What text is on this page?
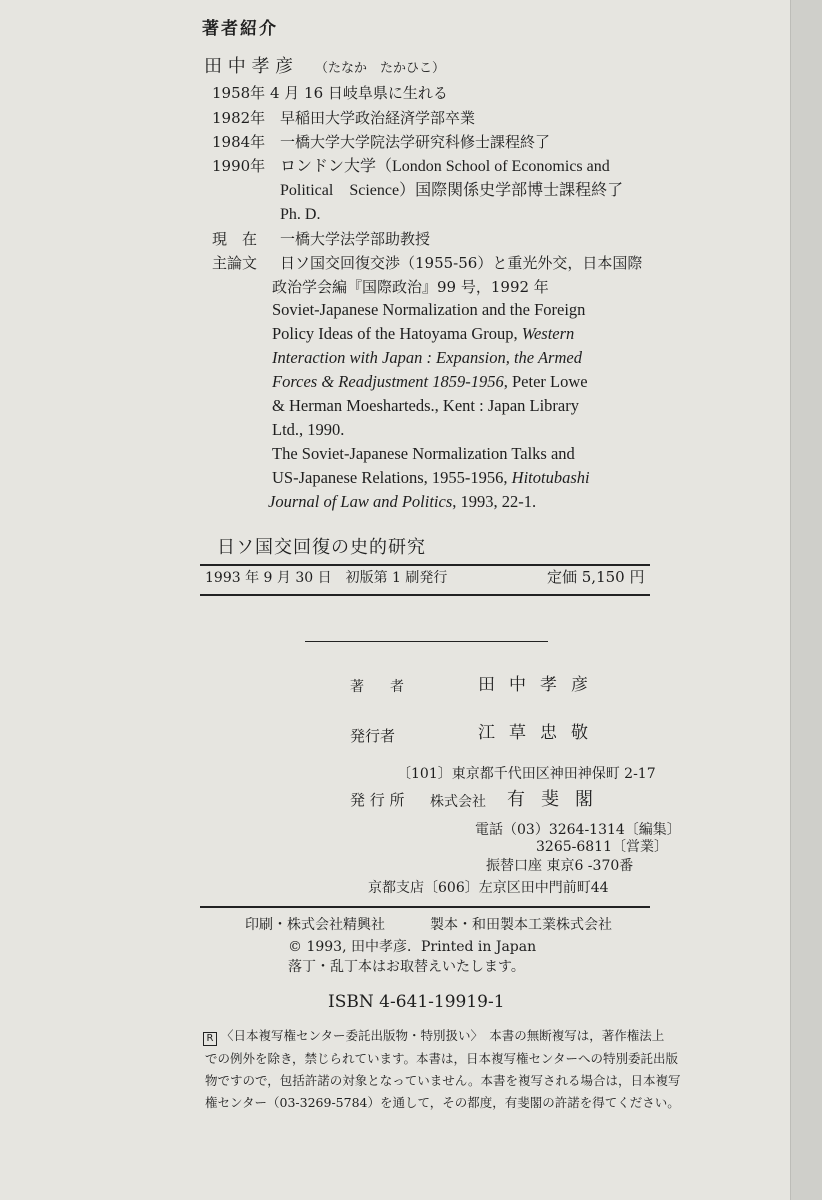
著者紹介
田 中 孝 彦 （たなか　たかひこ）
1958年 4 月 16 日岐阜県に生れる
1982年 早稲田大学政治経済学部卒業
1984年 一橋大学大学院法学研究科修士課程終了
1990年 ロンドン大学（London School of Economics and
Political　Science）国際関係史学部博士課程終了
Ph. D.
現　在 一橋大学法学部助教授
主論文 日ソ国交回復交渉（1955-56）と重光外交，日本国際
政治学会編『国際政治』99 号，1992 年
Soviet-Japanese Normalization and the Foreign
Policy Ideas of the Hatoyama Group, Western
Interaction with Japan : Expansion, the Armed
Forces & Readjustment 1859-1956, Peter Lowe
& Herman Moesharteds., Kent : Japan Library
Ltd., 1990.
The Soviet-Japanese Normalization Talks and
US-Japanese Relations, 1955-1956, Hitotubashi
Journal of Law and Politics, 1993, 22-1.
日ソ国交回復の史的研究
1993 年 9 月 30 日　初版第 1 刷発行	定価 5,150 円
著　者	田中孝彦
発行者	江草忠敬
〔101〕東京都千代田区神田神保町 2-17
発 行 所 株式会社 有斐閣
電話（03）3264-1314〔編集〕
3265-6811〔営業〕
振替口座 東京6 -370番
京都支店〔606〕左京区田中門前町44
印刷・株式会社精興社	製本・和田製本工業株式会社
© 1993, 田中孝彦．Printed in Japan
落丁・乱丁本はお取替えいたします。
ISBN 4-641-19919-1
R 〈日本複写権センター委託出版物・特別扱い〉　本書の無断複写は，著作権法上
での例外を除き，禁じられています。本書は，日本複写権センターへの特別委託出版
物ですので，包括許諾の対象となっていません。本書を複写される場合は，日本複写
権センター（03-3269-5784）を通して，その都度，有斐閣の許諾を得てください。
